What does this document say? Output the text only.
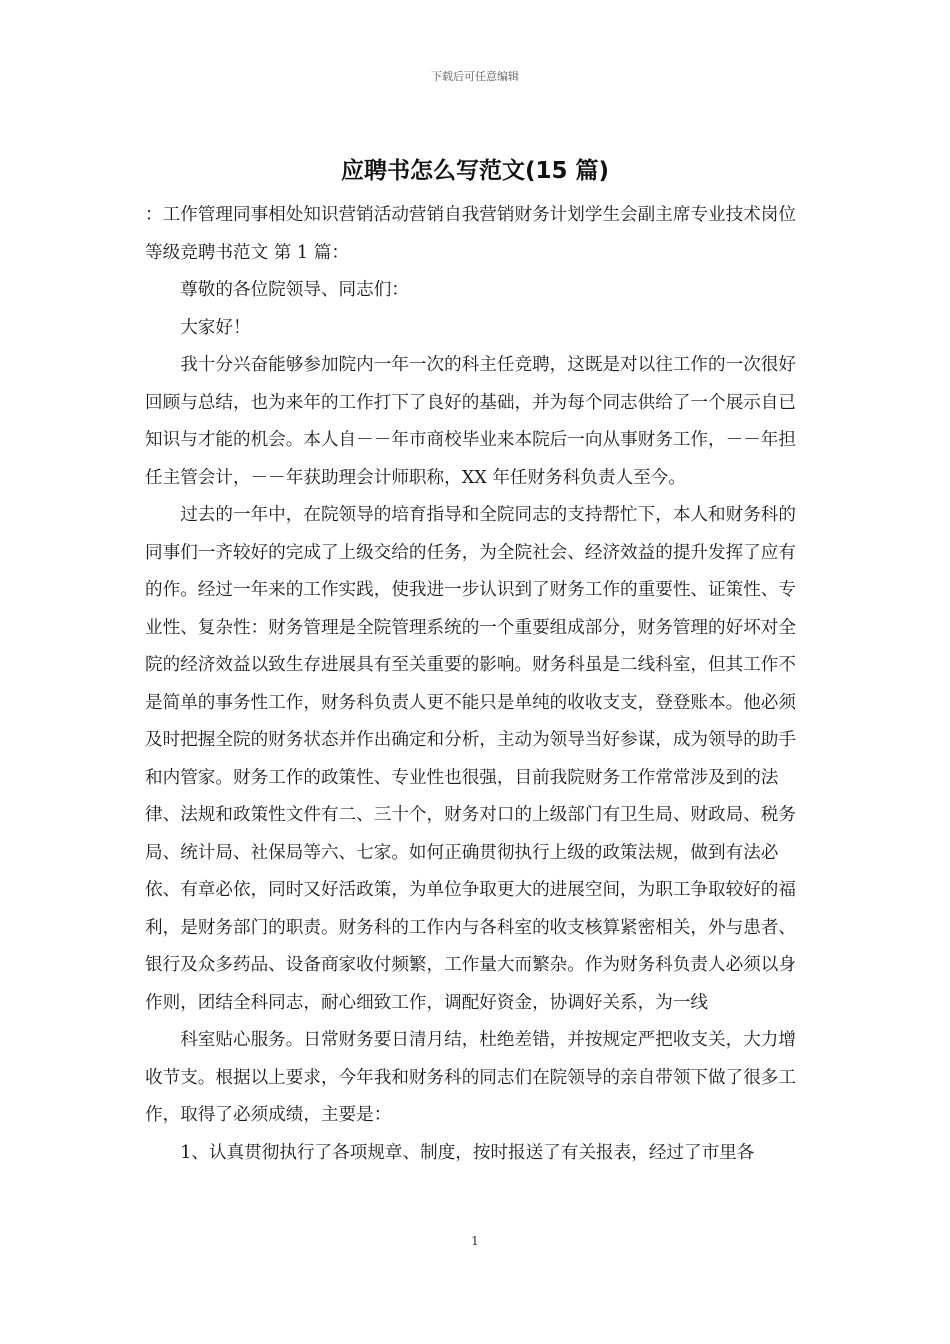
下载后可任意编辑
应聘书怎么写范文(15 篇)

：工作管理同事相处知识营销活动营销自我营销财务计划学生会副主席专业技术岗位等级竞聘书范文 第 1 篇：

尊敬的各位院领导、同志们：

大家好！

我十分兴奋能够参加院内一年一次的科主任竞聘，这既是对以往工作的一次很好回顾与总结，也为来年的工作打下了良好的基础，并为每个同志供给了一个展示自已知识与才能的机会。本人自－－年市商校毕业来本院后一向从事财务工作，－－年担任主管会计，－－年获助理会计师职称，XX 年任财务科负责人至今。

过去的一年中，在院领导的培育指导和全院同志的支持帮忙下，本人和财务科的同事们一齐较好的完成了上级交给的任务，为全院社会、经济效益的提升发挥了应有的作。经过一年来的工作实践，使我进一步认识到了财务工作的重要性、证策性、专业性、复杂性：财务管理是全院管理系统的一个重要组成部分，财务管理的好坏对全院的经济效益以致生存进展具有至关重要的影响。财务科虽是二线科室，但其工作不是简单的事务性工作，财务科负责人更不能只是单纯的收收支支，登登账本。他必须及时把握全院的财务状态并作出确定和分析，主动为领导当好参谋，成为领导的助手和内管家。财务工作的政策性、专业性也很强，目前我院财务工作常常涉及到的法律、法规和政策性文件有二、三十个，财务对口的上级部门有卫生局、财政局、税务局、统计局、社保局等六、七家。如何正确贯彻执行上级的政策法规，做到有法必依、有章必依，同时又好活政策，为单位争取更大的进展空间，为职工争取较好的福利，是财务部门的职责。财务科的工作内与各科室的收支核算紧密相关，外与患者、银行及众多药品、设备商家收付频繁，工作量大而繁杂。作为财务科负责人必须以身作则，团结全科同志，耐心细致工作，调配好资金，协调好关系，为一线

科室贴心服务。日常财务要日清月结，杜绝差错，并按规定严把收支关，大力增收节支。根据以上要求，今年我和财务科的同志们在院领导的亲自带领下做了很多工作，取得了必须成绩，主要是：

1、认真贯彻执行了各项规章、制度，按时报送了有关报表，经过了市里各

1
